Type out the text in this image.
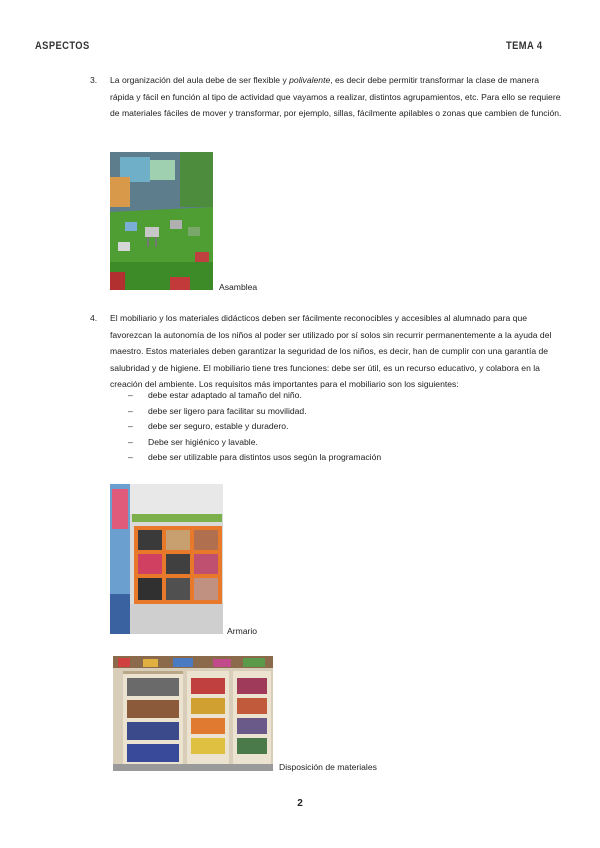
ASPECTOS	TEMA 4
3. La organización del aula debe de ser flexible y polivalente, es decir debe permitir transformar la clase de manera rápida y fácil en función al tipo de actividad que vayamos a realizar, distintos agrupamientos, etc. Para ello se requiere de materiales fáciles de mover y transformar, por ejemplo, sillas, fácilmente apilables o zonas que cambien de función.

Asamblea
4. El mobiliario y los materiales didácticos deben ser fácilmente reconocibles y accesibles al alumnado para que favorezcan la autonomía de los niños al poder ser utilizado por sí solos sin recurrir permanentemente a la ayuda del maestro. Estos materiales deben garantizar la seguridad de los niños, es decir, han de cumplir con una garantía de salubridad y de higiene. El mobiliario tiene tres funciones: debe ser útil, es un recurso educativo, y colabora en la creación del ambiente. Los requisitos más importantes para el mobiliario son los siguientes:

– debe estar adaptado al tamaño del niño.
– debe ser ligero para facilitar su movilidad.
– debe ser seguro, estable y duradero.
– Debe ser higiénico y lavable.
– debe ser utilizable para distintos usos según la programación
Armario
Disposición de materiales
2
